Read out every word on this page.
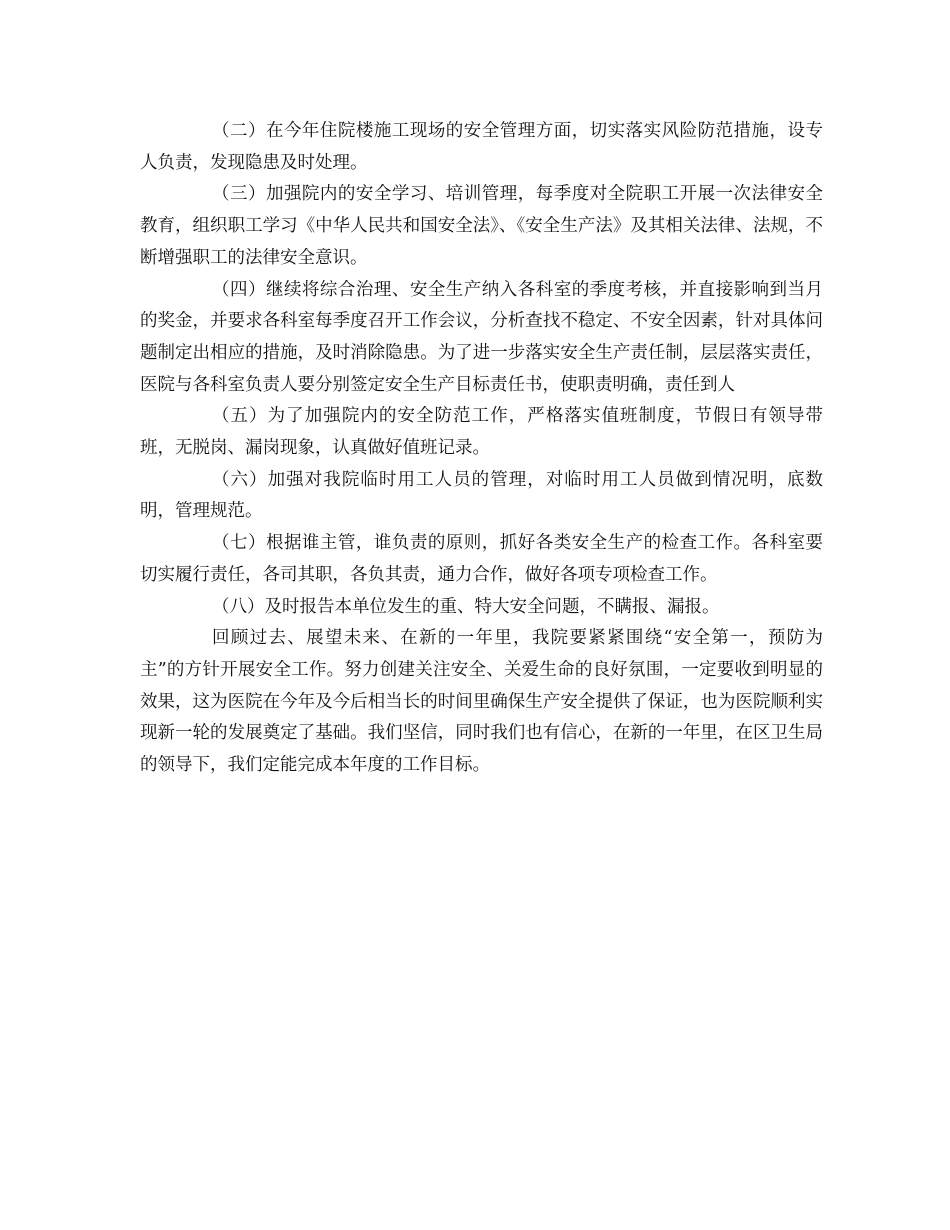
（二）在今年住院楼施工现场的安全管理方面，切实落实风险防范措施，设专人负责，发现隐患及时处理。

（三）加强院内的安全学习、培训管理，每季度对全院职工开展一次法律安全教育，组织职工学习《中华人民共和国安全法》、《安全生产法》及其相关法律、法规，不断增强职工的法律安全意识。

（四）继续将综合治理、安全生产纳入各科室的季度考核，并直接影响到当月的奖金，并要求各科室每季度召开工作会议，分析查找不稳定、不安全因素，针对具体问题制定出相应的措施，及时消除隐患。为了进一步落实安全生产责任制，层层落实责任，医院与各科室负责人要分别签定安全生产目标责任书，使职责明确，责任到人

（五）为了加强院内的安全防范工作，严格落实值班制度，节假日有领导带班，无脱岗、漏岗现象，认真做好值班记录。

（六）加强对我院临时用工人员的管理，对临时用工人员做到情况明，底数明，管理规范。

（七）根据谁主管，谁负责的原则，抓好各类安全生产的检查工作。各科室要切实履行责任，各司其职，各负其责，通力合作，做好各项专项检查工作。

（八）及时报告本单位发生的重、特大安全问题，不瞒报、漏报。

回顾过去、展望未来、在新的一年里，我院要紧紧围绕“安全第一，预防为主”的方针开展安全工作。努力创建关注安全、关爱生命的良好氛围，一定要收到明显的效果，这为医院在今年及今后相当长的时间里确保生产安全提供了保证，也为医院顺利实现新一轮的发展奠定了基础。我们坚信，同时我们也有信心，在新的一年里，在区卫生局的领导下，我们定能完成本年度的工作目标。
